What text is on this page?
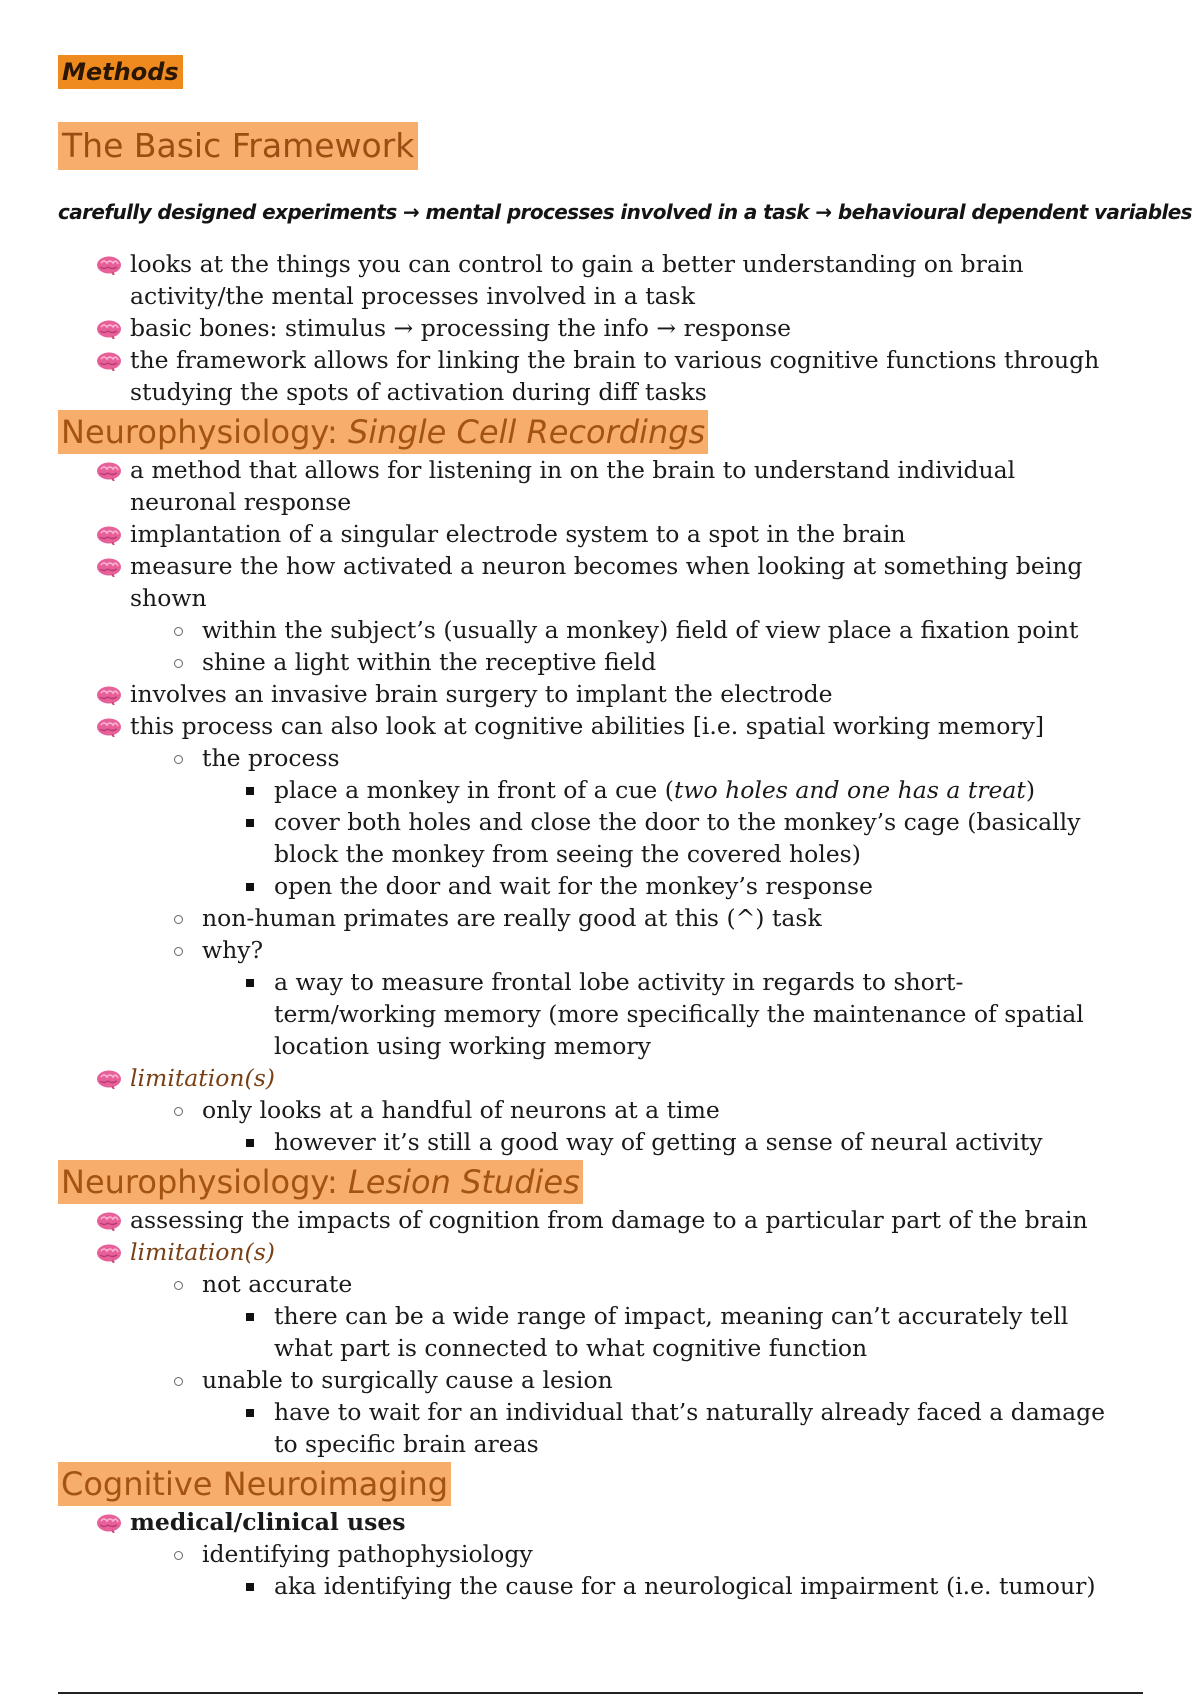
Methods
The Basic Framework
carefully designed experiments → mental processes involved in a task → behavioural dependent variables
looks at the things you can control to gain a better understanding on brain activity/the mental processes involved in a task
basic bones: stimulus → processing the info → response
the framework allows for linking the brain to various cognitive functions through studying the spots of activation during diff tasks
Neurophysiology: Single Cell Recordings
a method that allows for listening in on the brain to understand individual neuronal response
implantation of a singular electrode system to a spot in the brain
measure the how activated a neuron becomes when looking at something being shown
within the subject’s (usually a monkey) field of view place a fixation point
shine a light within the receptive field
involves an invasive brain surgery to implant the electrode
this process can also look at cognitive abilities [i.e. spatial working memory]
the process
place a monkey in front of a cue (two holes and one has a treat)
cover both holes and close the door to the monkey’s cage (basically block the monkey from seeing the covered holes)
open the door and wait for the monkey’s response
non-human primates are really good at this (^) task
why?
a way to measure frontal lobe activity in regards to short-term/working memory (more specifically the maintenance of spatial location using working memory
limitation(s)
only looks at a handful of neurons at a time
however it’s still a good way of getting a sense of neural activity
Neurophysiology: Lesion Studies
assessing the impacts of cognition from damage to a particular part of the brain
limitation(s)
not accurate
there can be a wide range of impact, meaning can’t accurately tell what part is connected to what cognitive function
unable to surgically cause a lesion
have to wait for an individual that’s naturally already faced a damage to specific brain areas
Cognitive Neuroimaging
medical/clinical uses
identifying pathophysiology
aka identifying the cause for a neurological impairment (i.e. tumour)
